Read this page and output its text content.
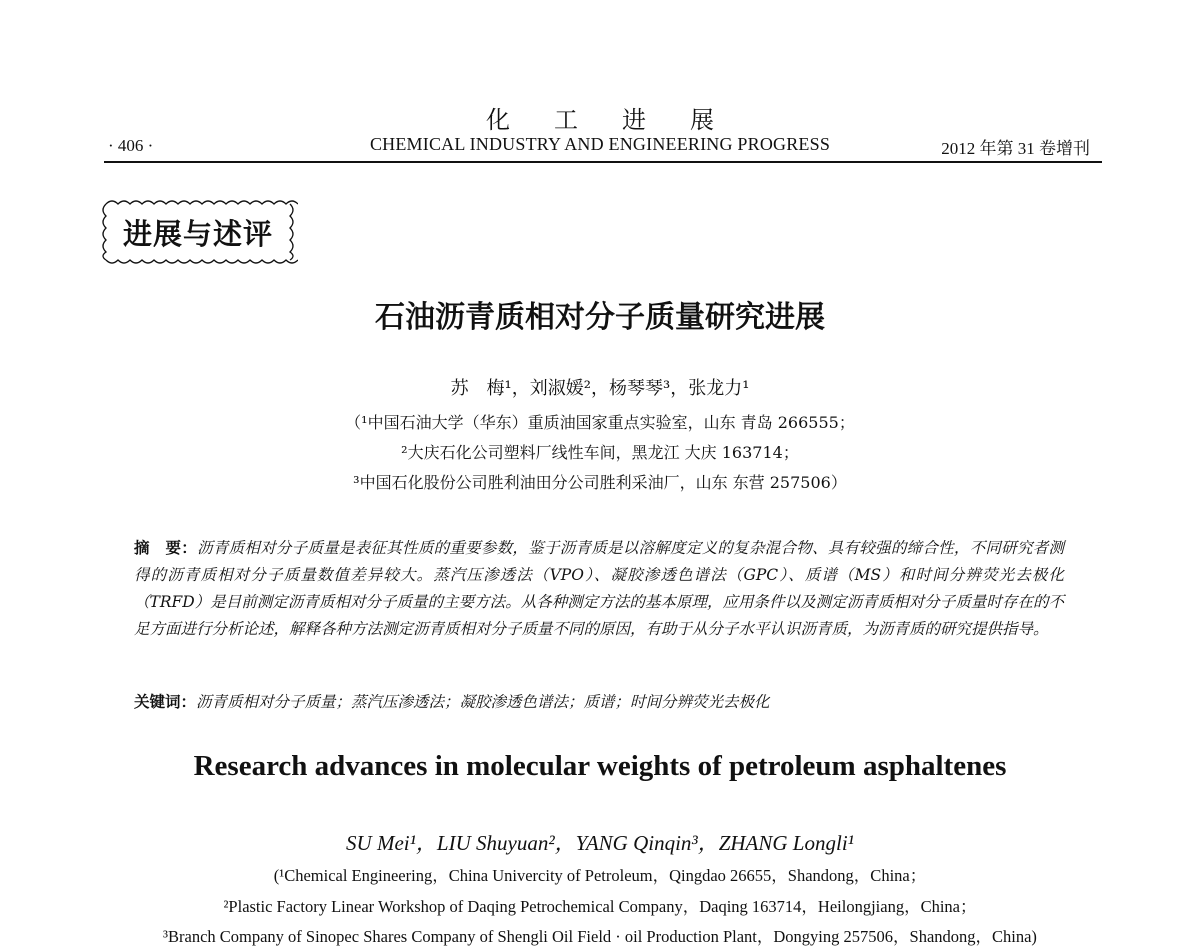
化工进展
· 406 ·	CHEMICAL INDUSTRY AND ENGINEERING PROGRESS	2012 年第 31 卷增刊
进展与述评
石油沥青质相对分子质量研究进展
苏　梅¹，刘淑媛²，杨琴琴³，张龙力¹
（¹中国石油大学（华东）重质油国家重点实验室，山东 青岛 266555；
²大庆石化公司塑料厂线性车间，黑龙江 大庆 163714；
³中国石化股份公司胜利油田分公司胜利采油厂，山东 东营 257506）
摘　要：沥青质相对分子质量是表征其性质的重要参数，鉴于沥青质是以溶解度定义的复杂混合物、具有较强的缔合性，不同研究者测得的沥青质相对分子质量数值差异较大。蒸汽压渗透法（VPO）、凝胶渗透色谱法（GPC）、质谱（MS）和时间分辨荧光去极化（TRFD）是目前测定沥青质相对分子质量的主要方法。从各种测定方法的基本原理，应用条件以及测定沥青质相对分子质量时存在的不足方面进行分析论述，解释各种方法测定沥青质相对分子质量不同的原因，有助于从分子水平认识沥青质，为沥青质的研究提供指导。
关键词：沥青质相对分子质量；蒸汽压渗透法；凝胶渗透色谱法；质谱；时间分辨荧光去极化
Research advances in molecular weights of petroleum asphaltenes
SU Mei¹，LIU Shuyuan²，YANG Qinqin³，ZHANG Longli¹
(¹Chemical Engineering，China Univercity of Petroleum，Qingdao 26655，Shandong，China；
²Plastic Factory Linear Workshop of Daqing Petrochemical Company，Daqing 163714，Heilongjiang，China；
³Branch Company of Sinopec Shares Company of Shengli Oil Field · oil Production Plant，Dongying 257506，Shandong，China)
